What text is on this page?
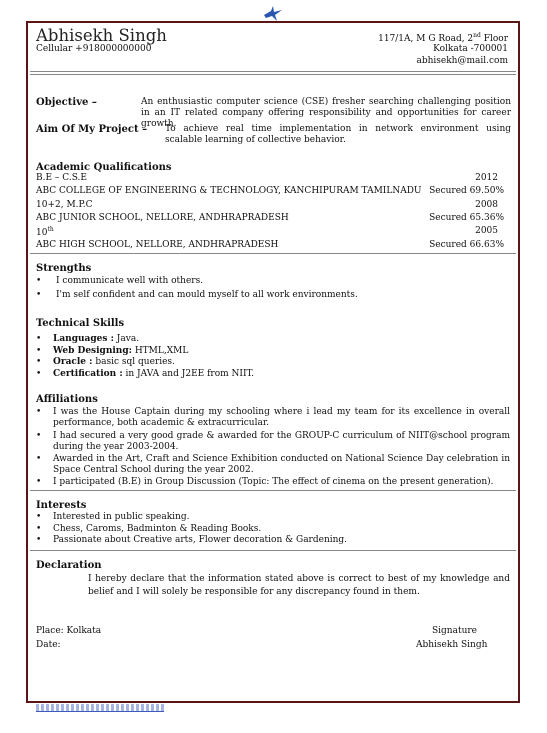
Abhisekh Singh
Cellular +918000000000
117/1A, M G Road, 2nd Floor
Kolkata -700001
abhisekh@mail.com
Objective –	An enthusiastic computer science (CSE) fresher searching challenging position in an IT related company offering responsibility and opportunities for career growth.
Aim Of My Project – To achieve real time implementation in network environment using scalable learning of collective behavior.
Academic Qualifications
B.E – C.S.E	2012
ABC COLLEGE OF ENGINEERING & TECHNOLOGY, KANCHIPURAM TAMILNADU Secured 69.50%
10+2, M.P.C	2008
ABC JUNIOR SCHOOL, NELLORE, ANDHRAPRADESH	Secured 65.36%
10th	2005
ABC HIGH SCHOOL, NELLORE, ANDHRAPRADESH	Secured 66.63%
Strengths
• I communicate well with others.
• I'm self confident and can mould myself to all work environments.
Technical Skills
• Languages : Java.
• Web Designing: HTML,XML
• Oracle : basic sql queries.
• Certification : in JAVA and J2EE from NIIT.
Affiliations
• I was the House Captain during my schooling where i lead my team for its excellence in overall performance, both academic & extracurricular.
• I had secured a very good grade & awarded for the GROUP-C curriculum of NIIT@school program during the year 2003-2004.
• Awarded in the Art, Craft and Science Exhibition conducted on National Science Day celebration in Space Central School during the year 2002.
• I participated (B.E) in Group Discussion (Topic: The effect of cinema on the present generation).
Interests
• Interested in public speaking.
• Chess, Caroms, Badminton & Reading Books.
• Passionate about Creative arts, Flower decoration & Gardening.
Declaration
I hereby declare that the information stated above is correct to best of my knowledge and belief and I will solely be responsible for any discrepancy found in them.
Place: Kolkata
Date:
Signature
Abhisekh Singh
